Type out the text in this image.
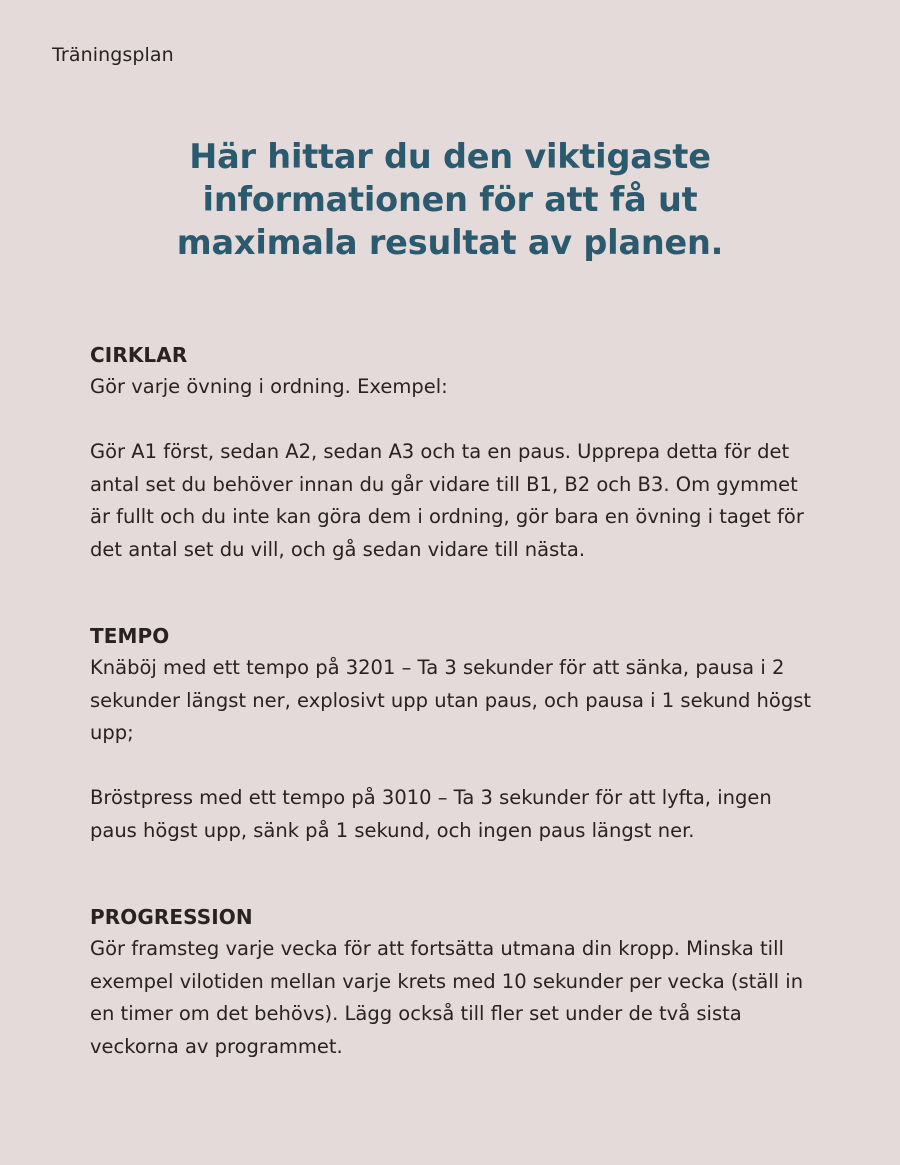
Träningsplan
Här hittar du den viktigaste informationen för att få ut maximala resultat av planen.
CIRKLAR

Gör varje övning i ordning. Exempel:

Gör A1 först, sedan A2, sedan A3 och ta en paus. Upprepa detta för det antal set du behöver innan du går vidare till B1, B2 och B3. Om gymmet är fullt och du inte kan göra dem i ordning, gör bara en övning i taget för det antal set du vill, och gå sedan vidare till nästa.

TEMPO

Knäböj med ett tempo på 3201 – Ta 3 sekunder för att sänka, pausa i 2 sekunder längst ner, explosivt upp utan paus, och pausa i 1 sekund högst upp;

Bröstpress med ett tempo på 3010 – Ta 3 sekunder för att lyfta, ingen paus högst upp, sänk på 1 sekund, och ingen paus längst ner.

PROGRESSION

Gör framsteg varje vecka för att fortsätta utmana din kropp. Minska till exempel vilotiden mellan varje krets med 10 sekunder per vecka (ställ in en timer om det behövs). Lägg också till fler set under de två sista veckorna av programmet.
